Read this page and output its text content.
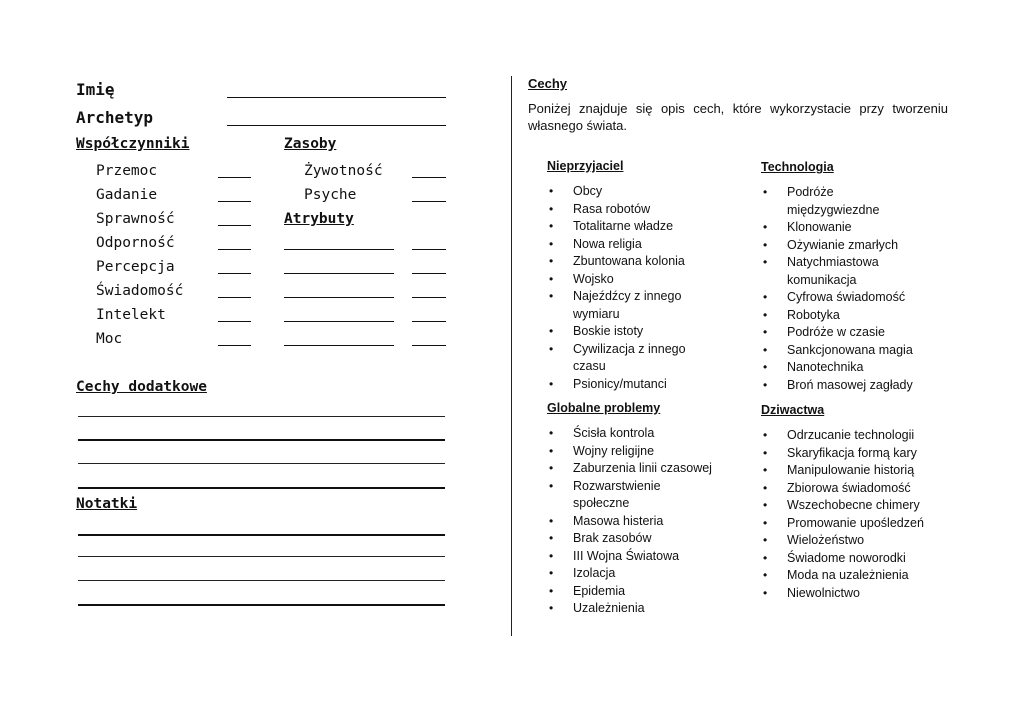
Imię
Archetyp
Współczynniki	Zasoby
Przemoc
Gadanie
Sprawność
Odporność
Percepcja
Świadomość
Intelekt
Moc
Żywotność
Psyche
Atrybuty
Cechy dodatkowe
Notatki
Cechy
Poniżej znajduje się opis cech, które wykorzystacie przy tworzeniu własnego świata.
Nieprzyjaciel
• Obcy
• Rasa robotów
• Totalitarne władze
• Nowa religia
• Zbuntowana kolonia
• Wojsko
• Najeźdźcy z innego wymiaru
• Boskie istoty
• Cywilizacja z innego czasu
• Psionicy/mutanci
Globalne problemy
• Ścisła kontrola
• Wojny religijne
• Zaburzenia linii czasowej
• Rozwarstwienie społeczne
• Masowa histeria
• Brak zasobów
• III Wojna Światowa
• Izolacja
• Epidemia
• Uzależnienia
Technologia
• Podróże międzygwiezdne
• Klonowanie
• Ożywianie zmarłych
• Natychmiastowa komunikacja
• Cyfrowa świadomość
• Robotyka
• Podróże w czasie
• Sankcjonowana magia
• Nanotechnika
• Broń masowej zagłady
Dziwactwa
• Odrzucanie technologii
• Skaryfikacja formą kary
• Manipulowanie historią
• Zbiorowa świadomość
• Wszechobecne chimery
• Promowanie upośledzeń
• Wielożeństwo
• Świadome noworodki
• Moda na uzależnienia
• Niewolnictwo
